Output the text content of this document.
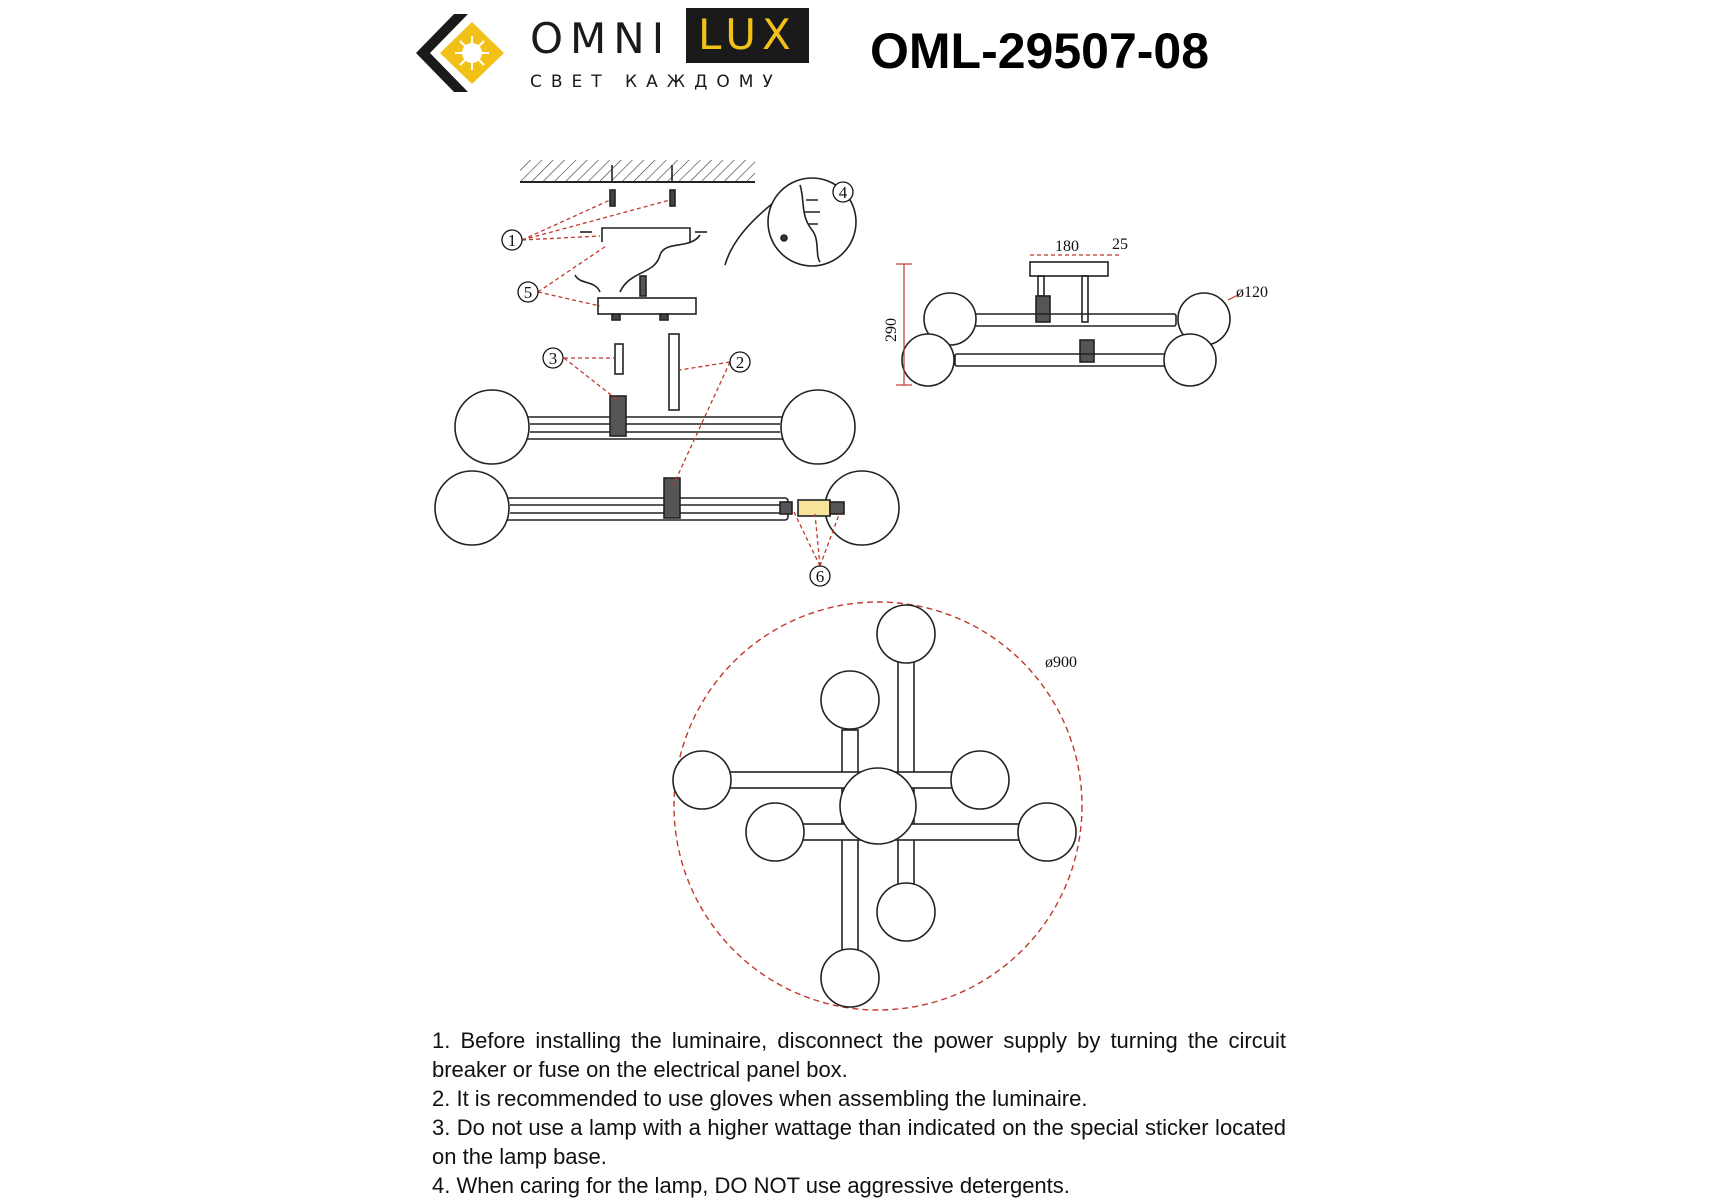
OMNI LUX
СВЕТ КАЖДОМУ
OML-29507-08
1
5
3	2
4
6
180 25
ø120
290
ø900

1. Before installing the luminaire, disconnect the power supply by turning the circuit breaker or fuse on the electrical panel box.

2. It is recommended to use gloves when assembling the luminaire.

3. Do not use a lamp with a higher wattage than indicated on the special sticker located on the lamp base.

4. When caring for the lamp, DO NOT use aggressive detergents.
